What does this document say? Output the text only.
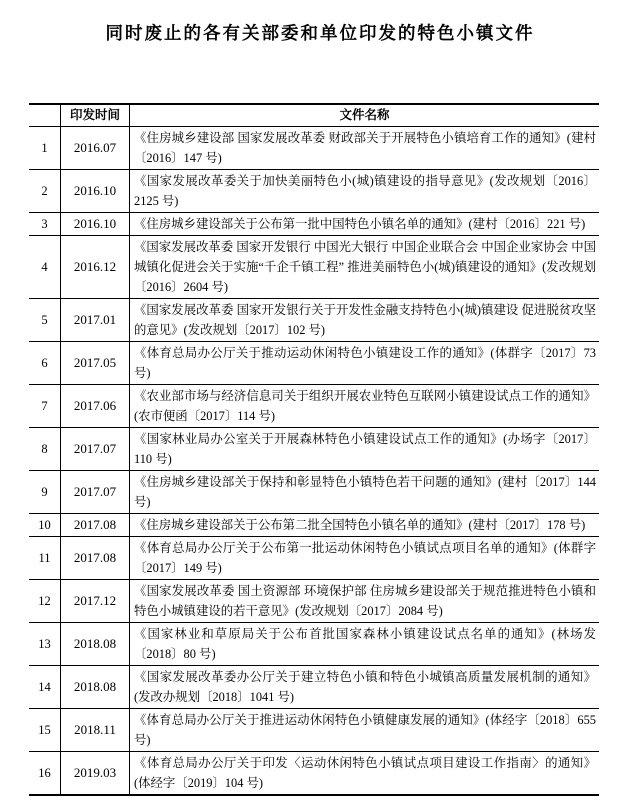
同时废止的各有关部委和单位印发的特色小镇文件
	印发时间	文件名称
1	2016.07	《住房城乡建设部 国家发展改革委 财政部关于开展特色小镇培育工作的通知》(建村〔2016〕147 号)
2	2016.10	《国家发展改革委关于加快美丽特色小(城)镇建设的指导意见》(发改规划〔2016〕2125 号)
3	2016.10	《住房城乡建设部关于公布第一批中国特色小镇名单的通知》(建村〔2016〕221 号)
4	2016.12	《国家发展改革委 国家开发银行 中国光大银行 中国企业联合会 中国企业家协会 中国城镇化促进会关于实施“千企千镇工程” 推进美丽特色小(城)镇建设的通知》(发改规划〔2016〕2604 号)
5	2017.01	《国家发展改革委 国家开发银行关于开发性金融支持特色小(城)镇建设 促进脱贫攻坚的意见》(发改规划〔2017〕102 号)
6	2017.05	《体育总局办公厅关于推动运动休闲特色小镇建设工作的通知》(体群字〔2017〕73 号)
7	2017.06	《农业部市场与经济信息司关于组织开展农业特色互联网小镇建设试点工作的通知》(农市便函〔2017〕114 号)
8	2017.07	《国家林业局办公室关于开展森林特色小镇建设试点工作的通知》(办场字〔2017〕110 号)
9	2017.07	《住房城乡建设部关于保持和彰显特色小镇特色若干问题的通知》(建村〔2017〕144 号)
10	2017.08	《住房城乡建设部关于公布第二批全国特色小镇名单的通知》(建村〔2017〕178 号)
11	2017.08	《体育总局办公厅关于公布第一批运动休闲特色小镇试点项目名单的通知》(体群字〔2017〕149 号)
12	2017.12	《国家发展改革委 国土资源部 环境保护部 住房城乡建设部关于规范推进特色小镇和特色小城镇建设的若干意见》(发改规划〔2017〕2084 号)
13	2018.08	《国家林业和草原局关于公布首批国家森林小镇建设试点名单的通知》(林场发〔2018〕80 号)
14	2018.08	《国家发展改革委办公厅关于建立特色小镇和特色小城镇高质量发展机制的通知》(发改办规划〔2018〕1041 号)
15	2018.11	《体育总局办公厅关于推进运动休闲特色小镇健康发展的通知》(体经字〔2018〕655 号)
16	2019.03	《体育总局办公厅关于印发〈运动休闲特色小镇试点项目建设工作指南〉的通知》(体经字〔2019〕104 号)
